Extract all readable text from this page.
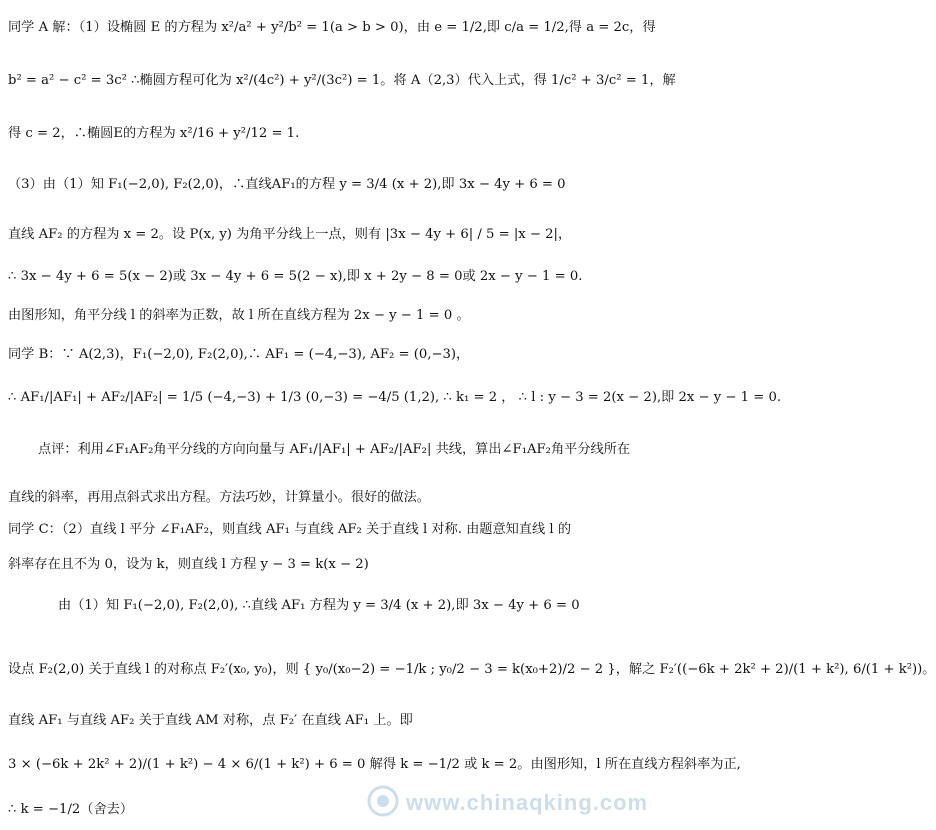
同学 A 解：（1）设椭圆 E 的方程为 x²/a² + y²/b² = 1(a > b > 0)，由 e = 1/2,即 c/a = 1/2,得 a = 2c，得
b² = a² − c² = 3c² ∴椭圆方程可化为 x²/(4c²) + y²/(3c²) = 1。将 A（2,3）代入上式，得 1/c² + 3/c² = 1，解
得 c = 2，∴椭圆E的方程为 x²/16 + y²/12 = 1.
（3）由（1）知 F₁(−2,0), F₂(2,0)，∴直线AF₁的方程 y = 3/4 (x + 2),即 3x − 4y + 6 = 0
直线 AF₂ 的方程为 x = 2。设 P(x, y) 为角平分线上一点，则有 |3x − 4y + 6| / 5 = |x − 2|，
∴ 3x − 4y + 6 = 5(x − 2)或 3x − 4y + 6 = 5(2 − x),即 x + 2y − 8 = 0或 2x − y − 1 = 0.
由图形知，角平分线 l 的斜率为正数，故 l 所在直线方程为 2x − y − 1 = 0 。
同学 B：∵ A(2,3)，F₁(−2,0), F₂(2,0),∴ AF₁ = (−4,−3), AF₂ = (0,−3)，
∴ AF₁/|AF₁| + AF₂/|AF₂| = 1/5 (−4,−3) + 1/3 (0,−3) = −4/5 (1,2), ∴ k₁ = 2 ， ∴ l : y − 3 = 2(x − 2),即 2x − y − 1 = 0.
点评：利用∠F₁AF₂角平分线的方向向量与 AF₁/|AF₁| + AF₂/|AF₂| 共线，算出∠F₁AF₂角平分线所在
直线的斜率，再用点斜式求出方程。方法巧妙，计算量小。很好的做法。
同学 C：（2）直线 l 平分 ∠F₁AF₂，则直线 AF₁ 与直线 AF₂ 关于直线 l 对称. 由题意知直线 l 的
斜率存在且不为 0，设为 k，则直线 l 方程 y − 3 = k(x − 2)
由（1）知 F₁(−2,0), F₂(2,0), ∴直线 AF₁ 方程为 y = 3/4 (x + 2),即 3x − 4y + 6 = 0
设点 F₂(2,0) 关于直线 l 的对称点 F₂′(x₀, y₀)，则 { y₀/(x₀−2) = −1/k ; y₀/2 − 3 = k(x₀+2)/2 − 2 }，解之 F₂′((−6k + 2k² + 2)/(1 + k²), 6/(1 + k²))。
直线 AF₁ 与直线 AF₂ 关于直线 AM 对称，点 F₂′ 在直线 AF₁ 上。即
3 × (−6k + 2k² + 2)/(1 + k²) − 4 × 6/(1 + k²) + 6 = 0 解得 k = −1/2 或 k = 2。由图形知，l 所在直线方程斜率为正,
∴ k = −1/2（舍去）	www.chinaqking.com
